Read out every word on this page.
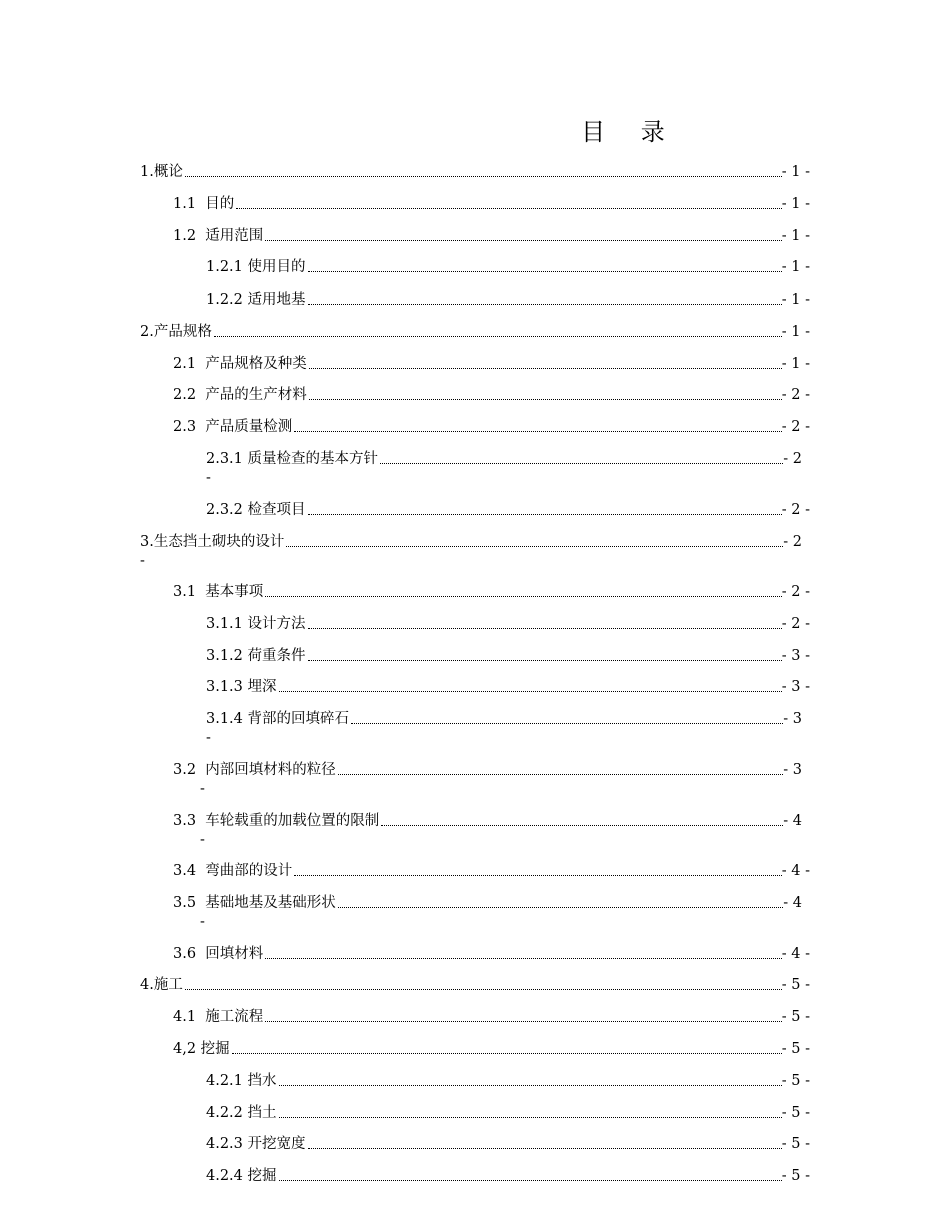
目 录
1.概论	- 1 -
1.1  目的	- 1 -
1.2  适用范围	- 1 -
1.2.1 使用目的	- 1 -
1.2.2 适用地基	- 1 -
2.产品规格	- 1 -
2.1  产品规格及种类	- 1 -
2.2  产品的生产材料	- 2 -
2.3  产品质量检测	- 2 -
2.3.1 质量检查的基本方针	- 2
-
2.3.2 检查项目	- 2 -
3.生态挡土砌块的设计	- 2
-
3.1  基本事项	- 2 -
3.1.1 设计方法	- 2 -
3.1.2 荷重条件	- 3 -
3.1.3 埋深	- 3 -
3.1.4 背部的回填碎石	- 3
-
3.2  内部回填材料的粒径	- 3
-
3.3  车轮载重的加载位置的限制	- 4
-
3.4  弯曲部的设计	- 4 -
3.5  基础地基及基础形状	- 4
-
3.6  回填材料	- 4 -
4.施工	- 5 -
4.1  施工流程	- 5 -
4,2 挖掘	- 5 -
4.2.1 挡水	- 5 -
4.2.2 挡土	- 5 -
4.2.3 开挖宽度	- 5 -
4.2.4 挖掘	- 5 -
